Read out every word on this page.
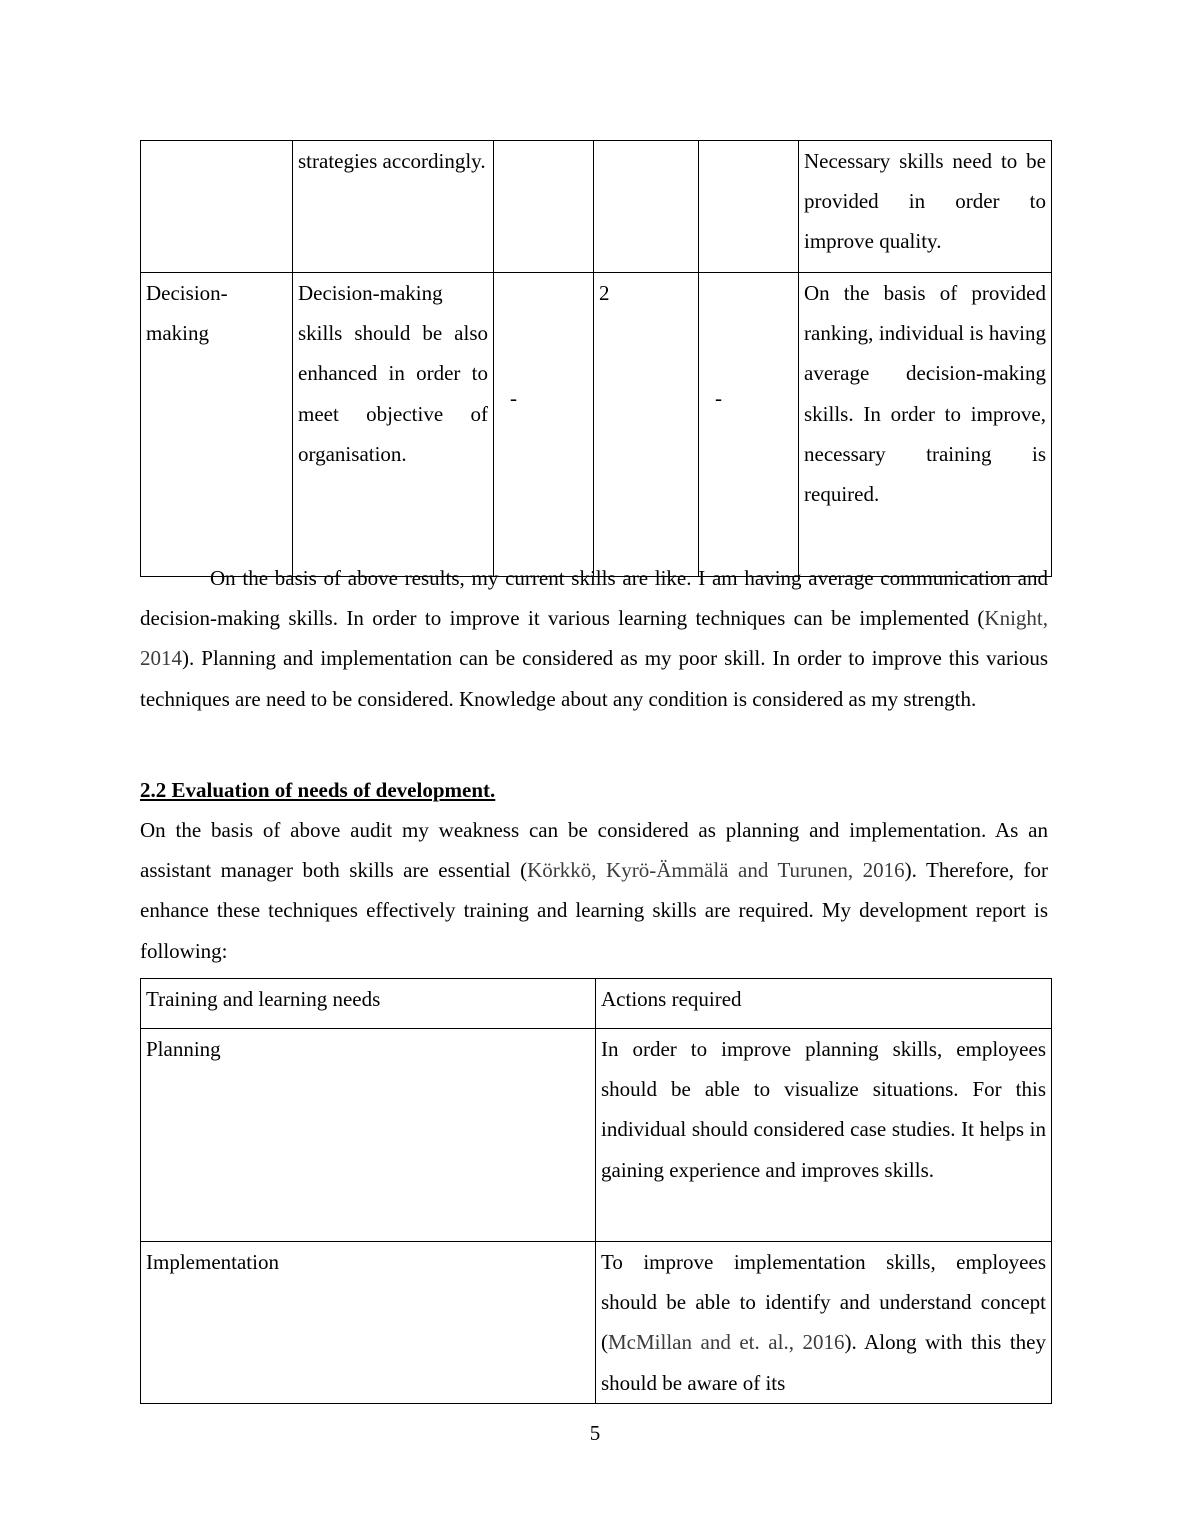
	strategies accordingly.				Necessary skills need to be provided in order to improve quality.
Decision-making	Decision-making skills should be also enhanced in order to meet objective of organisation.	-	2	-	On the basis of provided ranking, individual is having average decision-making skills. In order to improve, necessary training is required.

On the basis of above results, my current skills are like. I am having average communication and decision-making skills. In order to improve it various learning techniques can be implemented (Knight, 2014). Planning and implementation can be considered as my poor skill. In order to improve this various techniques are need to be considered. Knowledge about any condition is considered as my strength.

2.2 Evaluation of needs of development.

On the basis of above audit my weakness can be considered as planning and implementation. As an assistant manager both skills are essential (Körkkö, Kyrö-Ämmälä and Turunen, 2016). Therefore, for enhance these techniques effectively training and learning skills are required. My development report is following:

Training and learning needs	Actions required
Planning	In order to improve planning skills, employees should be able to visualize situations. For this individual should considered case studies. It helps in gaining experience and improves skills.
Implementation	To improve implementation skills, employees should be able to identify and understand concept (McMillan and et. al., 2016). Along with this they should be aware of its
5
